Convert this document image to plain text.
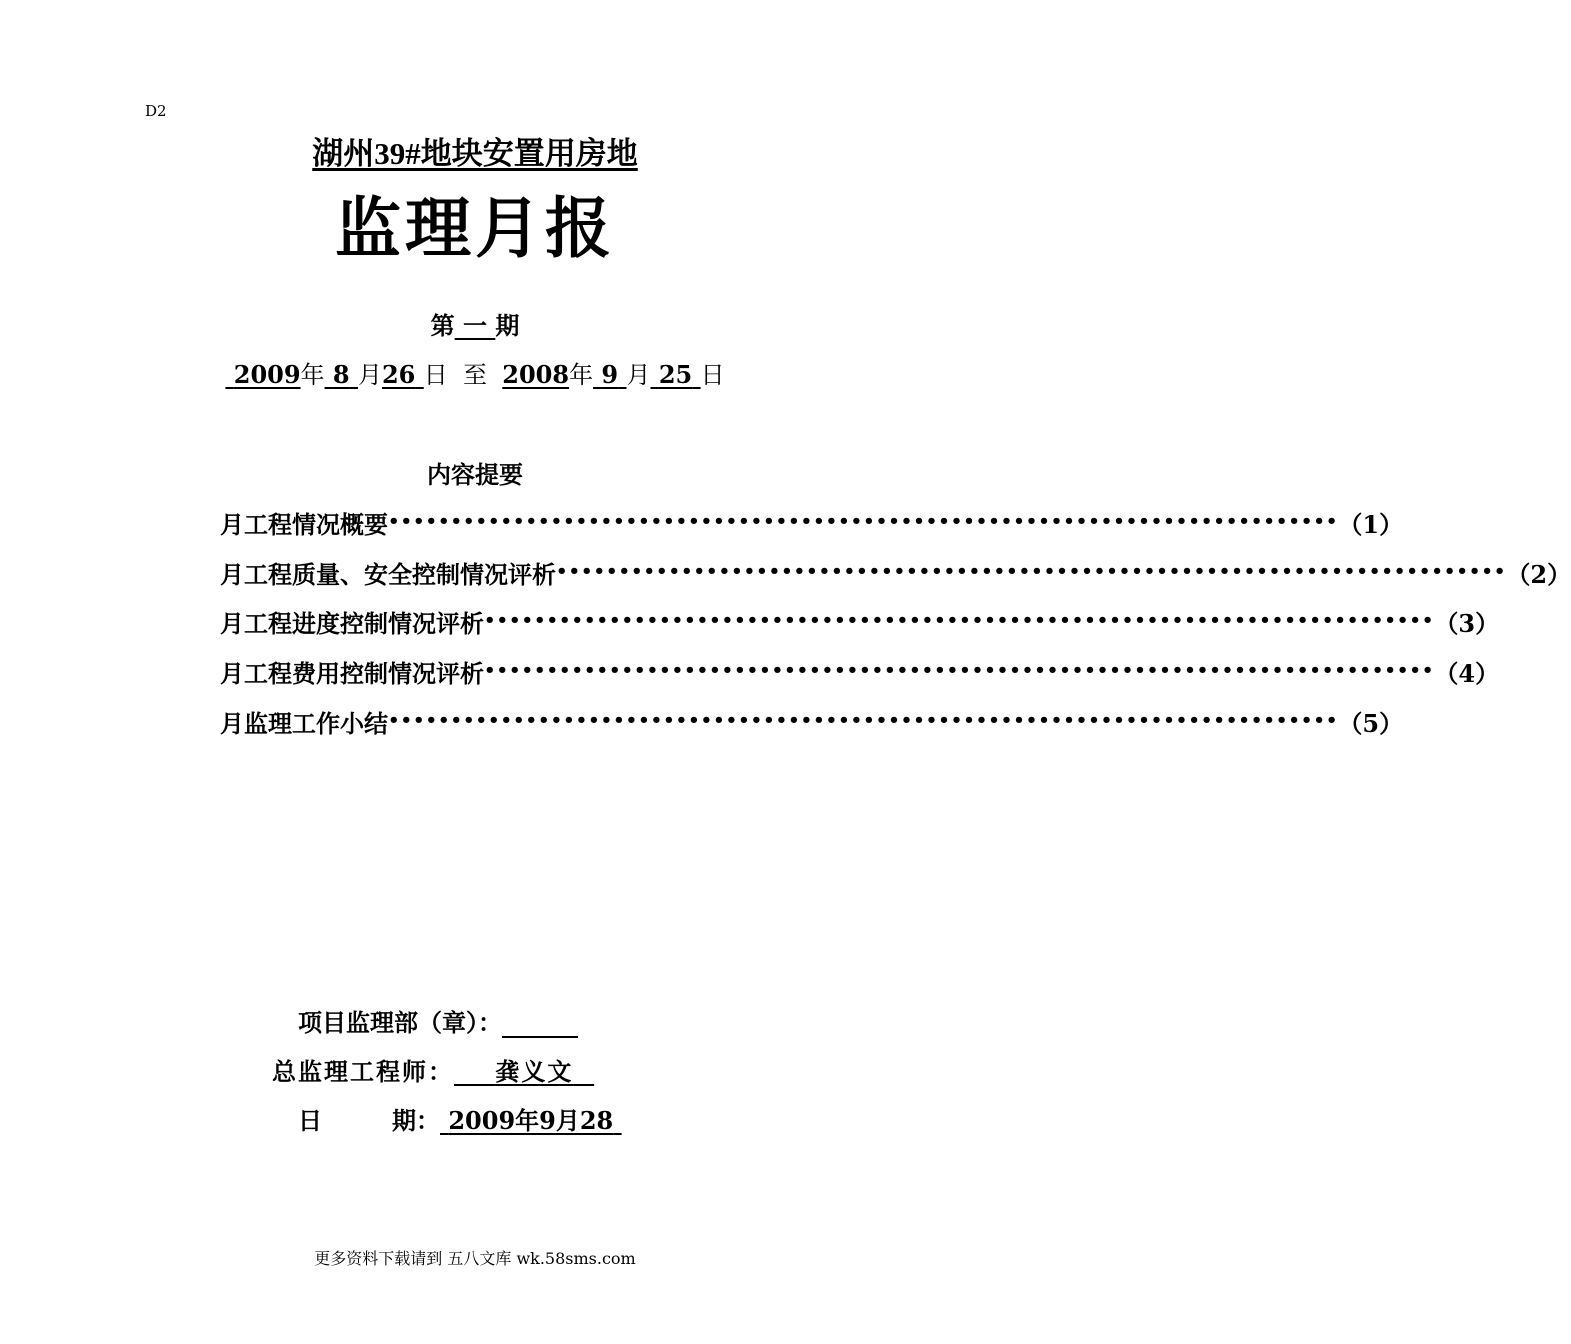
D2
湖州39#地块安置用房地
监理月报
第 一 期
2009年 8 月26 日 至 2008年 9 月 25 日
内容提要
月工程情况概要 •••••••••••••••••••••••••••••••••••••••••••••••••••••••••••••••••••••••••••• （1）
月工程质量、安全控制情况评析 •••••••••••••••••••••••••••••••••••••••••••••••••••••••••••••••••••••••••••• （2）
月工程进度控制情况评析 •••••••••••••••••••••••••••••••••••••••••••••••••••••••••••••••••••••••••••• （3）
月工程费用控制情况评析 •••••••••••••••••••••••••••••••••••••••••••••••••••••••••••••••••••••••••••• （4）
月监理工作小结 •••••••••••••••••••••••••••••••••••••••••••••••••••••••••••••••••••••••••••• （5）
项目监理部（章）：
总监理工程师： 龚义文
日	期： 2009年9月28
更多资料下载请到 五八文库 wk.58sms.com
